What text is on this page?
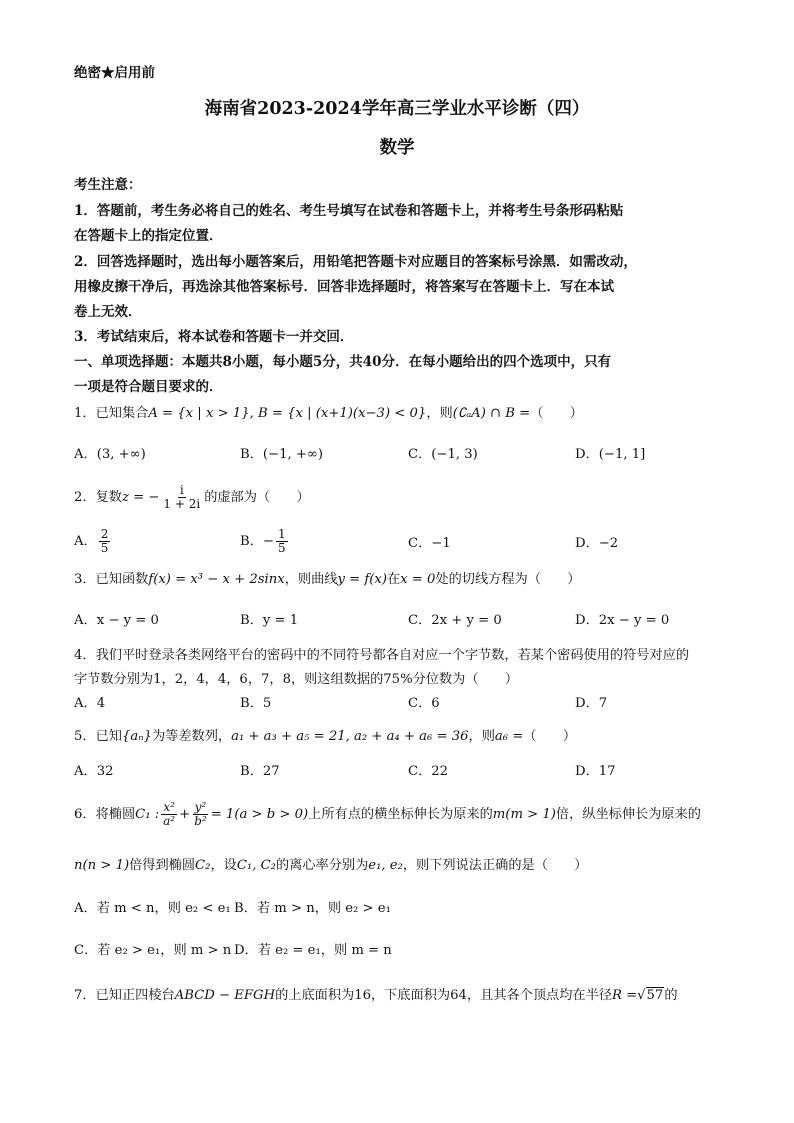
绝密★启用前
海南省2023-2024学年高三学业水平诊断（四）
数学
考生注意：
1．答题前，考生务必将自己的姓名、考生号填写在试卷和答题卡上，并将考生号条形码粘贴
在答题卡上的指定位置．
2．回答选择题时，选出每小题答案后，用铅笔把答题卡对应题目的答案标号涂黑．如需改动，
用橡皮擦干净后，再选涂其他答案标号．回答非选择题时，将答案写在答题卡上．写在本试
卷上无效．
3．考试结束后，将本试卷和答题卡一并交回．
一、单项选择题：本题共8小题，每小题5分，共40分．在每小题给出的四个选项中，只有
一项是符合题目要求的．
1．已知集合A = {x | x > 1}, B = {x | (x+1)(x−3) < 0}，则(∁ₐA) ∩ B =（　　）
A．(3, +∞)	B．(−1, +∞)	C．(−1, 3)	D．(−1, 1]
2．复数z = − $\frac{i}{1 + 2i}$ 的虚部为（　　）
A． $\frac{2}{5}$	B．− $\frac{1}{5}$	C．−1	D．−2
3．已知函数f(x) = x³ − x + 2sinx，则曲线y = f(x)在x = 0处的切线方程为（　　）
A．x − y = 0	B．y = 1	C．2x + y = 0	D．2x − y = 0
4．我们平时登录各类网络平台的密码中的不同符号都各自对应一个字节数，若某个密码使用的符号对应的
字节数分别为1，2，4，4，6，7，8，则这组数据的75%分位数为（　　）
A．4	B．5	C．6	D．7
5．已知{aₙ}为等差数列，a₁ + a₃ + a₅ = 21, a₂ + a₄ + a₆ = 36，则a₆ =（　　）
A．32	B．27	C．22	D．17
6．将椭圆C₁ : $\frac{\text{x²}}{\text{a²}} + \frac{\text{y²}}{\text{b²}} = 1(a > b > 0)$上所有点的横坐标伸长为原来的m(m > 1)倍，纵坐标伸长为原来的
n(n > 1)倍得到椭圆C₂，设C₁, C₂的离心率分别为e₁, e₂，则下列说法正确的是（　　）
A．若 m < n，则 e₂ < e₁ B．若 m > n，则 e₂ > e₁
C．若 e₂ > e₁，则 m > n D．若 e₂ = e₁，则 m = n
7．已知正四棱台ABCD − EFGH的上底面积为16，下底面积为64，且其各个顶点均在半径R =√57的
